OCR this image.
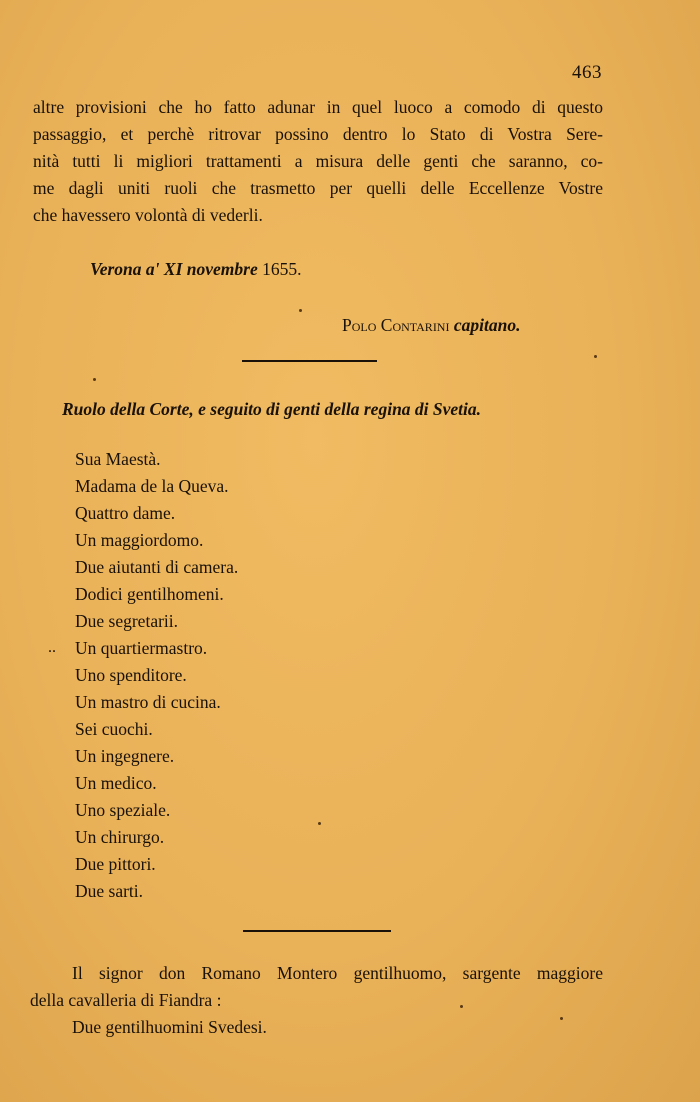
463
altre provisioni che ho fatto adunar in quel luoco a comodo di questo
passaggio, et perchè ritrovar possino dentro lo Stato di Vostra Sere-
nità tutti li migliori trattamenti a misura delle genti che saranno, co-
me dagli uniti ruoli che trasmetto per quelli delle Eccellenze Vostre
che havessero volontà di vederli.
Verona a' XI novembre 1655.
Polo Contarini capitano.
Ruolo della Corte, e seguito di genti della regina di Svetia.
Sua Maestà.
Madama de la Queva.
Quattro dame.
Un maggiordomo.
Due aiutanti di camera.
Dodici gentilhomeni.
Due segretarii.
Un quartiermastro.
Uno spenditore.
Un mastro di cucina.
Sei cuochi.
Un ingegnere.
Un medico.
Uno speziale.
Un chirurgo.
Due pittori.
Due sarti.
..
Il signor don Romano Montero gentilhuomo, sargente maggiore
della cavalleria di Fiandra :
Due gentilhuomini Svedesi.
